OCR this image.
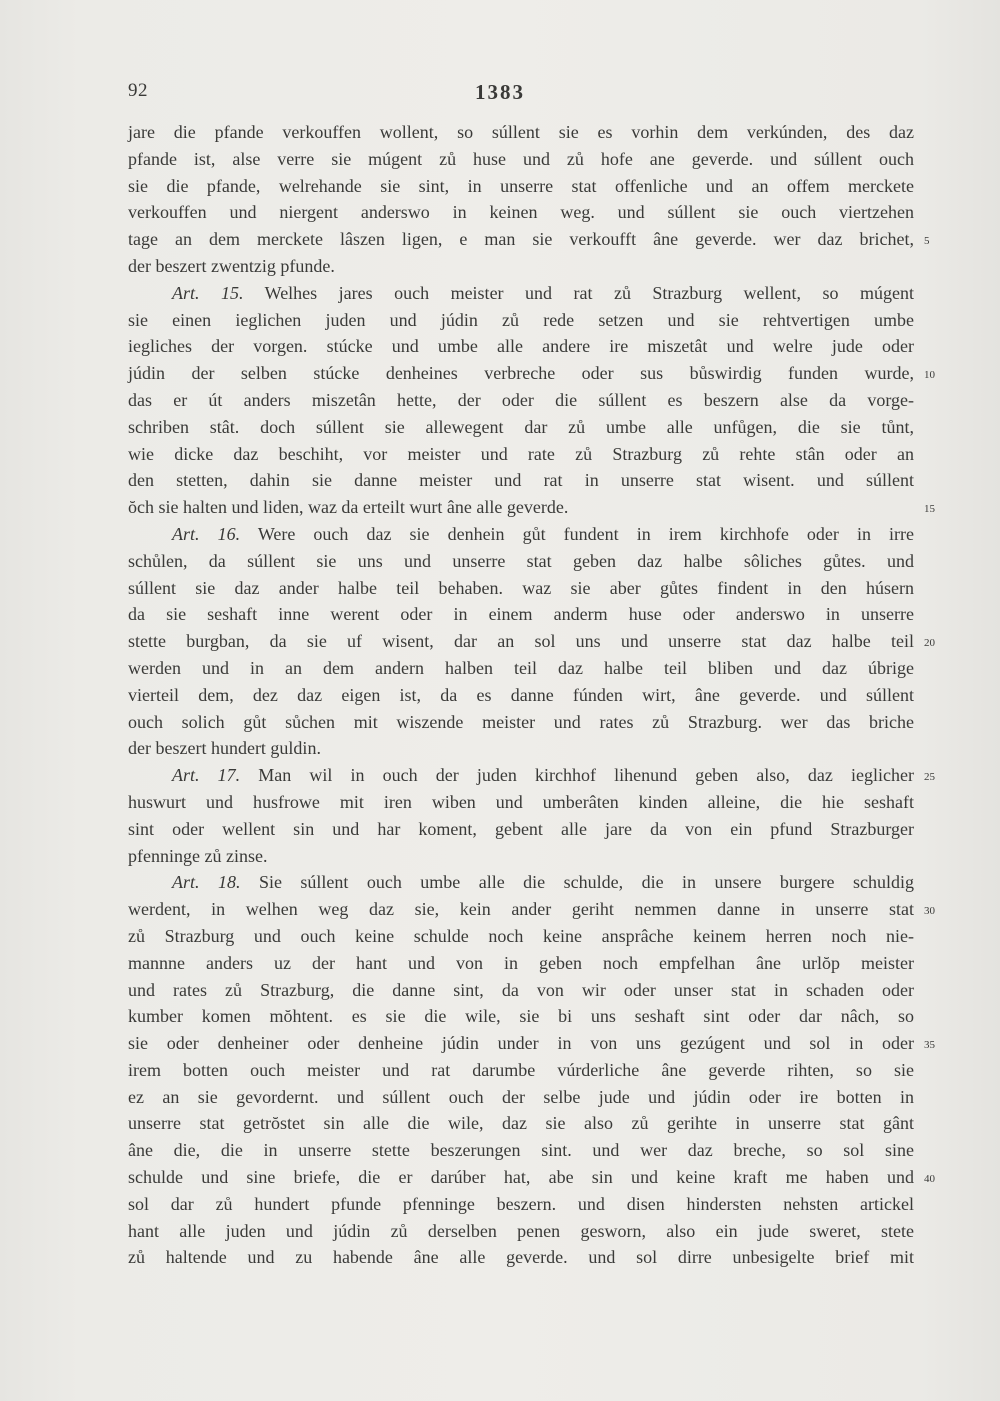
92	1383
jare die pfande verkouffen wollent, so súllent sie es vorhin dem verkúnden, des daz
pfande ist, alse verre sie múgent zů huse und zů hofe ane geverde. und súllent ouch
sie die pfande, welrehande sie sint, in unserre stat offenliche und an offem merckete
verkouffen und niergent anderswo in keinen weg. und súllent sie ouch viertzehen
tage an dem merckete lâszen ligen, e man sie verkoufft âne geverde. wer daz brichet,
der beszert zwentzig pfunde.
Art. 15. Welhes jares ouch meister und rat zů Strazburg wellent, so múgent
sie einen ieglichen juden und júdin zů rede setzen und sie rehtvertigen umbe
iegliches der vorgen. stúcke und umbe alle andere ire miszetât und welre jude oder
júdin der selben stúcke denheines verbreche oder sus bůswirdig funden wurde,
das er út anders miszetân hette, der oder die súllent es beszern alse da vorge-
schriben stât. doch súllent sie allewegent dar zů umbe alle unfůgen, die sie tůnt,
wie dicke daz beschiht, vor meister und rate zů Strazburg zů rehte stân oder an
den stetten, dahin sie danne meister und rat in unserre stat wisent. und súllent
ŏch sie halten und liden, waz da erteilt wurt âne alle geverde.
Art. 16. Were ouch daz sie denhein gůt fundent in irem kirchhofe oder in irre
schůlen, da súllent sie uns und unserre stat geben daz halbe sôliches gůtes. und
súllent sie daz ander halbe teil behaben. waz sie aber gůtes findent in den húsern
da sie seshaft inne werent oder in einem anderm huse oder anderswo in unserre
stette burgban, da sie uf wisent, dar an sol uns und unserre stat daz halbe teil
werden und in an dem andern halben teil daz halbe teil bliben und daz úbrige
vierteil dem, dez daz eigen ist, da es danne fúnden wirt, âne geverde. und súllent
ouch solich gůt sůchen mit wiszende meister und rates zů Strazburg. wer das briche
der beszert hundert guldin.
Art. 17. Man wil in ouch der juden kirchhof lihenund geben also, daz ieglicher
huswurt und husfrowe mit iren wiben und umberâten kinden alleine, die hie seshaft
sint oder wellent sin und har koment, gebent alle jare da von ein pfund Strazburger
pfenninge zů zinse.
Art. 18. Sie súllent ouch umbe alle die schulde, die in unsere burgere schuldig
werdent, in welhen weg daz sie, kein ander geriht nemmen danne in unserre stat
zů Strazburg und ouch keine schulde noch keine ansprâche keinem herren noch nie-
mannne anders uz der hant und von in geben noch empfelhan âne urlŏp meister
und rates zů Strazburg, die danne sint, da von wir oder unser stat in schaden oder
kumber komen mŏhtent. es sie die wile, sie bi uns seshaft sint oder dar nâch, so
sie oder denheiner oder denheine júdin under in von uns gezúgent und sol in oder
irem botten ouch meister und rat darumbe vúrderliche âne geverde rihten, so sie
ez an sie gevordernt. und súllent ouch der selbe jude und júdin oder ire botten in
unserre stat getrŏstet sin alle die wile, daz sie also zů gerihte in unserre stat gânt
âne die, die in unserre stette beszerungen sint. und wer daz breche, so sol sine
schulde und sine briefe, die er darúber hat, abe sin und keine kraft me haben und
sol dar zů hundert pfunde pfenninge beszern. und disen hindersten nehsten artickel
hant alle juden und júdin zů derselben penen gesworn, also ein jude sweret, stete
zů haltende und zu habende âne alle geverde. und sol dirre unbesigelte brief mit
5
10
15
20
25
30
35
40
